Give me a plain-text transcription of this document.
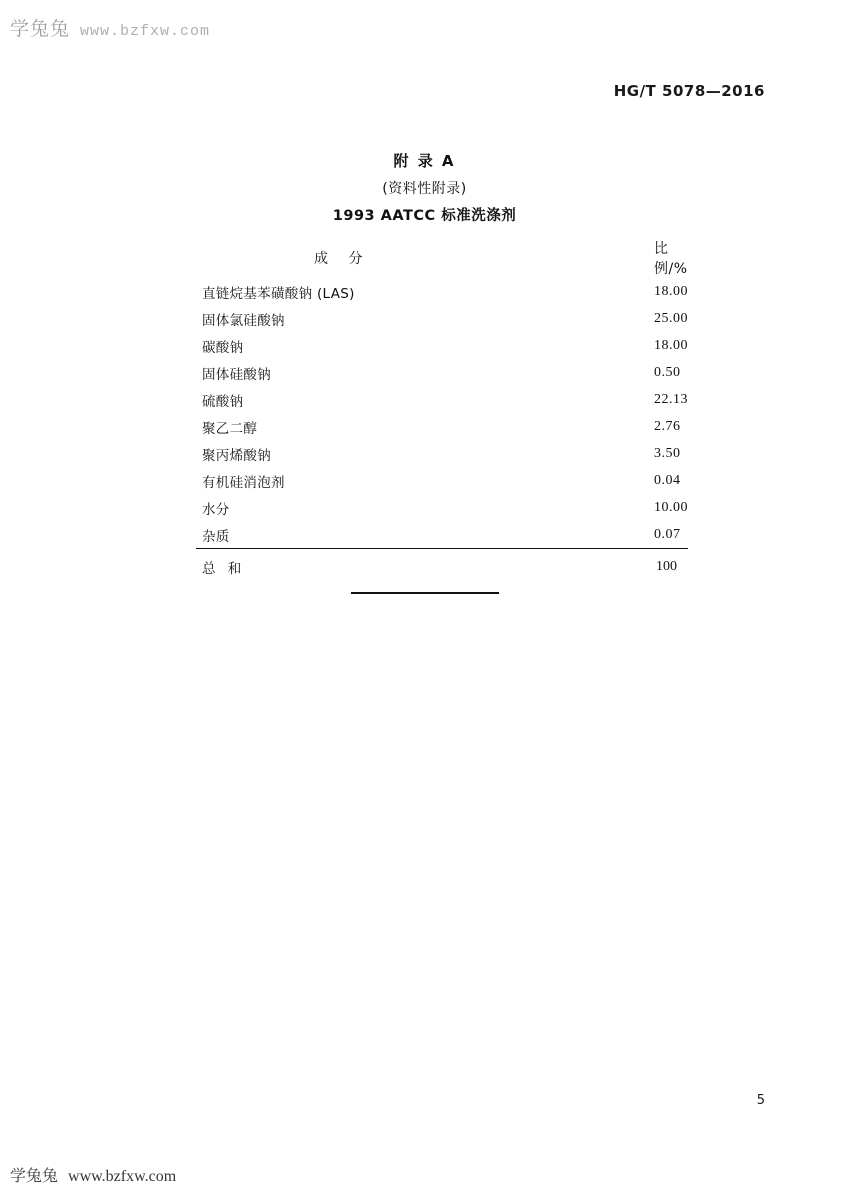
学兔兔 www.bzfxw.com
HG/T 5078—2016
附 录 A
(资料性附录)
1993 AATCC 标准洗涤剂
成 分	比例/%
直链烷基苯磺酸钠 (LAS)	18.00
固体氯硅酸钠	25.00
碳酸钠	18.00
固体硅酸钠	0.50
硫酸钠	22.13
聚乙二醇	2.76
聚丙烯酸钠	3.50
有机硅消泡剂	0.04
水分	10.00
杂质	0.07
总 和	100
5
学兔兔 www.bzfxw.com
